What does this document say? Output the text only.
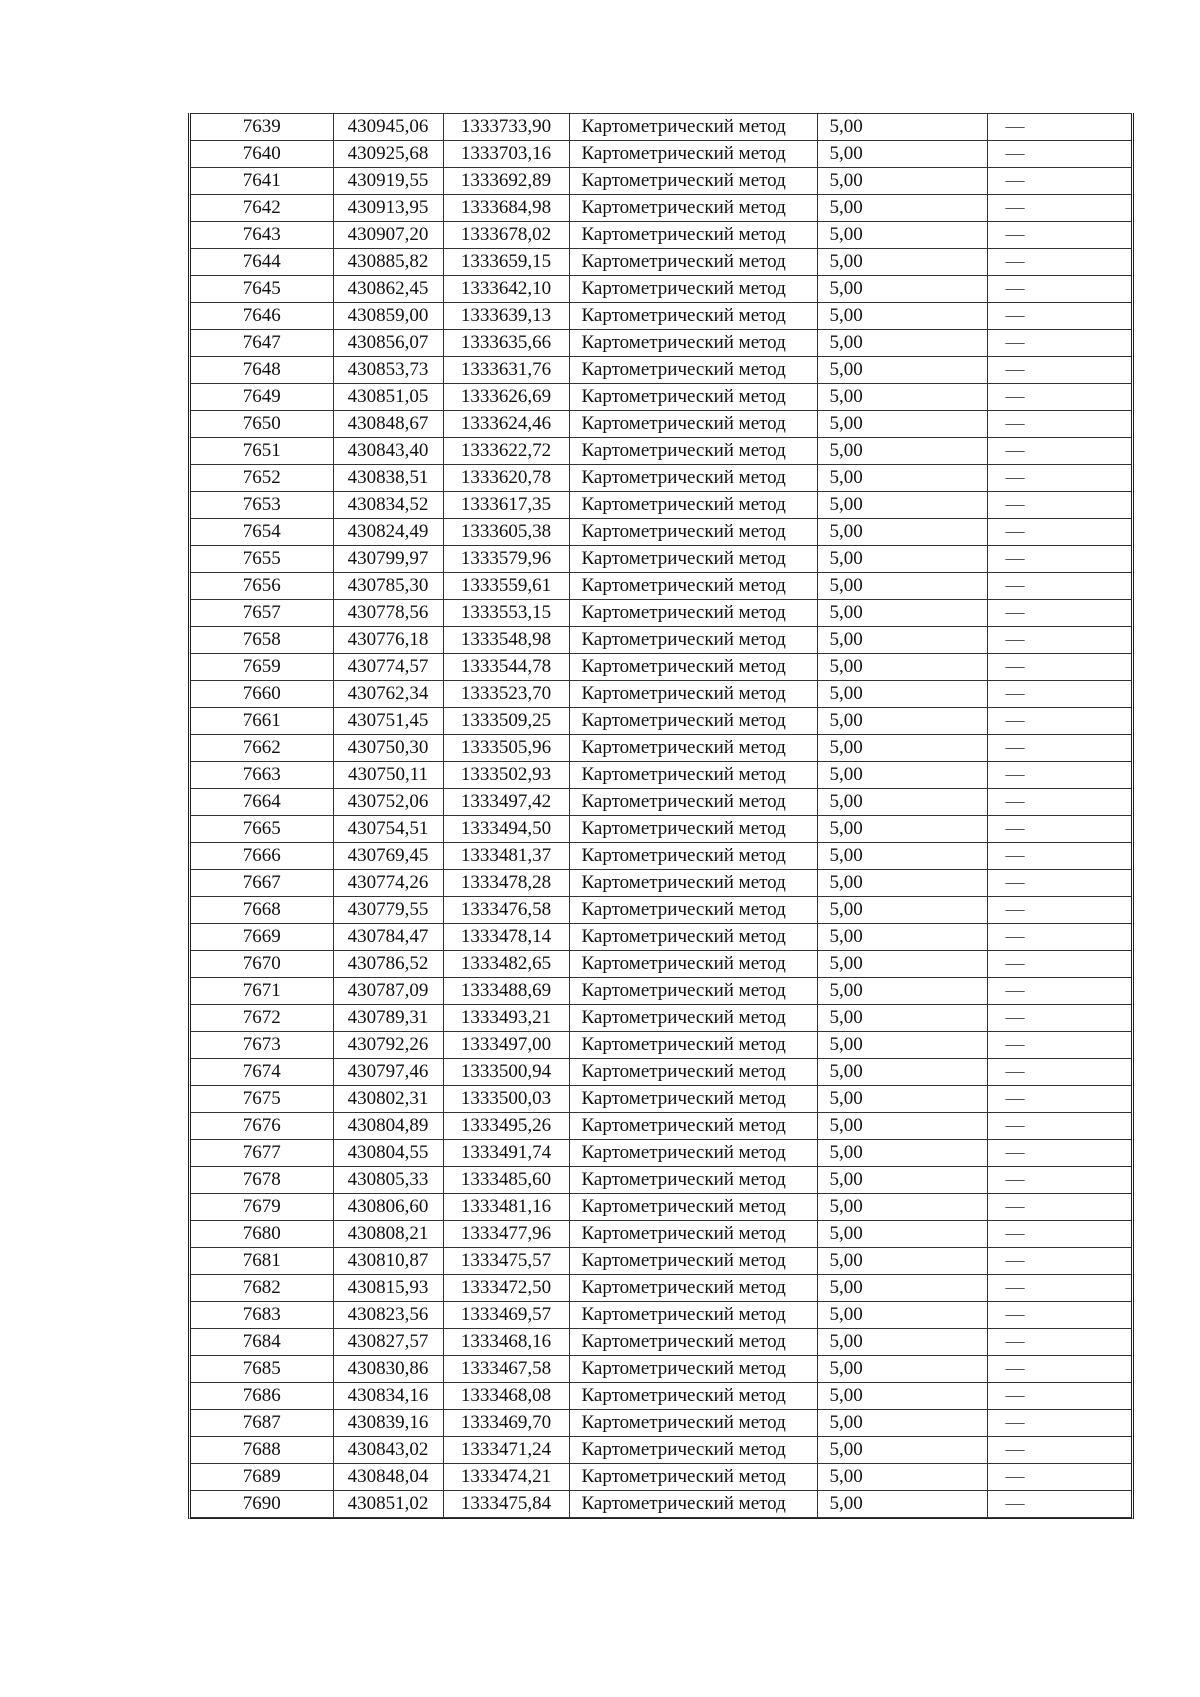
7639	430945,06	1333733,90	Картометрический метод	5,00	—
7640	430925,68	1333703,16	Картометрический метод	5,00	—
7641	430919,55	1333692,89	Картометрический метод	5,00	—
7642	430913,95	1333684,98	Картометрический метод	5,00	—
7643	430907,20	1333678,02	Картометрический метод	5,00	—
7644	430885,82	1333659,15	Картометрический метод	5,00	—
7645	430862,45	1333642,10	Картометрический метод	5,00	—
7646	430859,00	1333639,13	Картометрический метод	5,00	—
7647	430856,07	1333635,66	Картометрический метод	5,00	—
7648	430853,73	1333631,76	Картометрический метод	5,00	—
7649	430851,05	1333626,69	Картометрический метод	5,00	—
7650	430848,67	1333624,46	Картометрический метод	5,00	—
7651	430843,40	1333622,72	Картометрический метод	5,00	—
7652	430838,51	1333620,78	Картометрический метод	5,00	—
7653	430834,52	1333617,35	Картометрический метод	5,00	—
7654	430824,49	1333605,38	Картометрический метод	5,00	—
7655	430799,97	1333579,96	Картометрический метод	5,00	—
7656	430785,30	1333559,61	Картометрический метод	5,00	—
7657	430778,56	1333553,15	Картометрический метод	5,00	—
7658	430776,18	1333548,98	Картометрический метод	5,00	—
7659	430774,57	1333544,78	Картометрический метод	5,00	—
7660	430762,34	1333523,70	Картометрический метод	5,00	—
7661	430751,45	1333509,25	Картометрический метод	5,00	—
7662	430750,30	1333505,96	Картометрический метод	5,00	—
7663	430750,11	1333502,93	Картометрический метод	5,00	—
7664	430752,06	1333497,42	Картометрический метод	5,00	—
7665	430754,51	1333494,50	Картометрический метод	5,00	—
7666	430769,45	1333481,37	Картометрический метод	5,00	—
7667	430774,26	1333478,28	Картометрический метод	5,00	—
7668	430779,55	1333476,58	Картометрический метод	5,00	—
7669	430784,47	1333478,14	Картометрический метод	5,00	—
7670	430786,52	1333482,65	Картометрический метод	5,00	—
7671	430787,09	1333488,69	Картометрический метод	5,00	—
7672	430789,31	1333493,21	Картометрический метод	5,00	—
7673	430792,26	1333497,00	Картометрический метод	5,00	—
7674	430797,46	1333500,94	Картометрический метод	5,00	—
7675	430802,31	1333500,03	Картометрический метод	5,00	—
7676	430804,89	1333495,26	Картометрический метод	5,00	—
7677	430804,55	1333491,74	Картометрический метод	5,00	—
7678	430805,33	1333485,60	Картометрический метод	5,00	—
7679	430806,60	1333481,16	Картометрический метод	5,00	—
7680	430808,21	1333477,96	Картометрический метод	5,00	—
7681	430810,87	1333475,57	Картометрический метод	5,00	—
7682	430815,93	1333472,50	Картометрический метод	5,00	—
7683	430823,56	1333469,57	Картометрический метод	5,00	—
7684	430827,57	1333468,16	Картометрический метод	5,00	—
7685	430830,86	1333467,58	Картометрический метод	5,00	—
7686	430834,16	1333468,08	Картометрический метод	5,00	—
7687	430839,16	1333469,70	Картометрический метод	5,00	—
7688	430843,02	1333471,24	Картометрический метод	5,00	—
7689	430848,04	1333474,21	Картометрический метод	5,00	—
7690	430851,02	1333475,84	Картометрический метод	5,00	—
